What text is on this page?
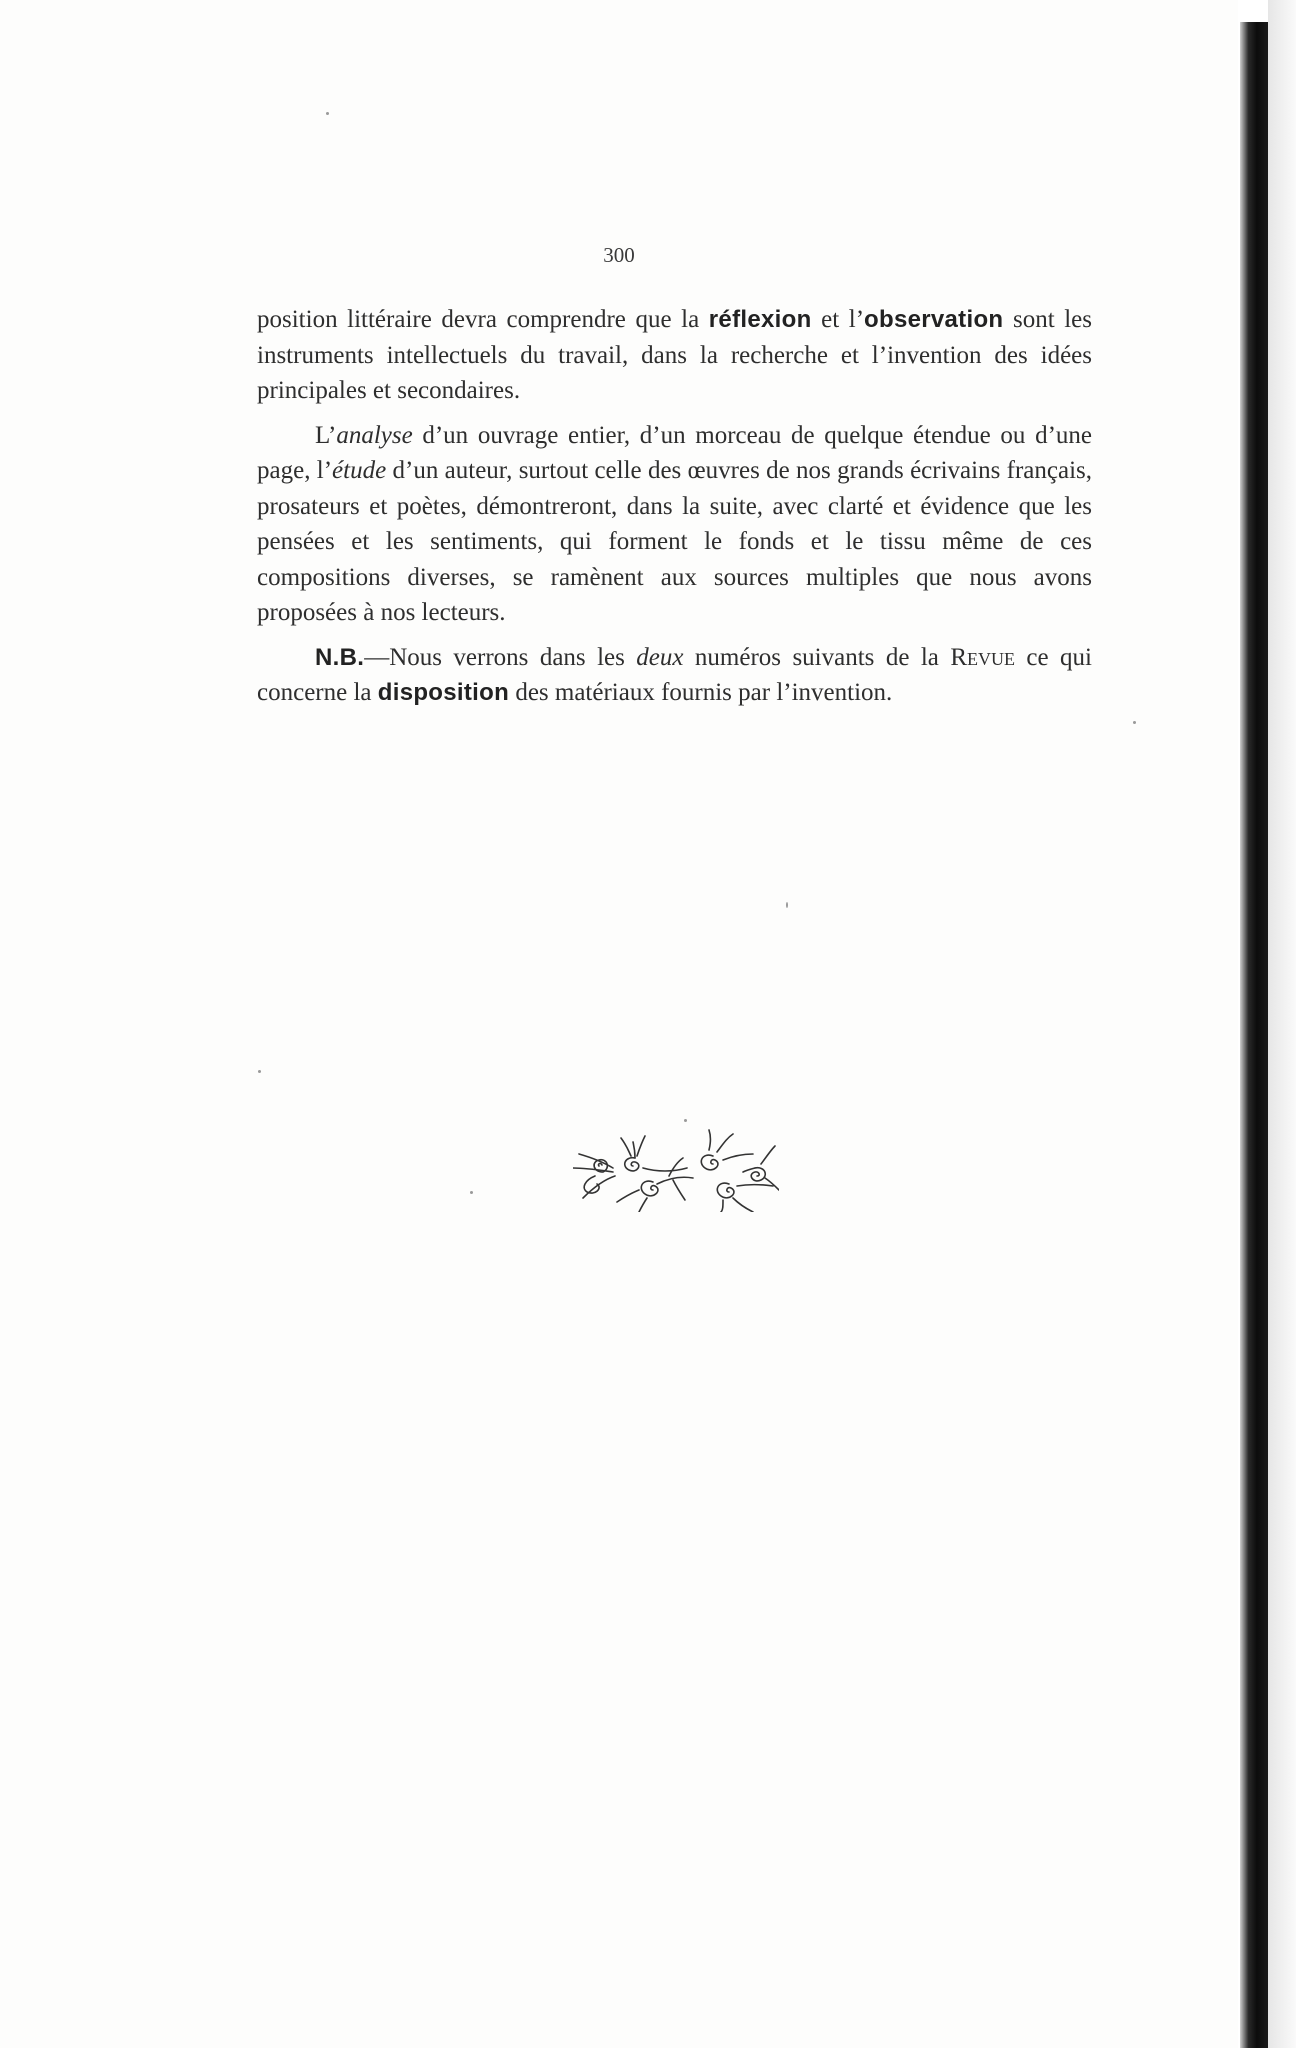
300

position littéraire devra comprendre que la réflexion et l’observation sont les instruments intellectuels du travail, dans la recherche et l’invention des idées principales et secondaires.

L’analyse d’un ouvrage entier, d’un morceau de quelque étendue ou d’une page, l’étude d’un auteur, surtout celle des œuvres de nos grands écrivains français, prosateurs et poètes, démontreront, dans la suite, avec clarté et évidence que les pensées et les sentiments, qui forment le fonds et le tissu même de ces compositions diverses, se ramènent aux sources multiples que nous avons proposées à nos lecteurs.

N.B.—Nous verrons dans les deux numéros suivants de la Revue ce qui concerne la disposition des matériaux fournis par l’invention.
